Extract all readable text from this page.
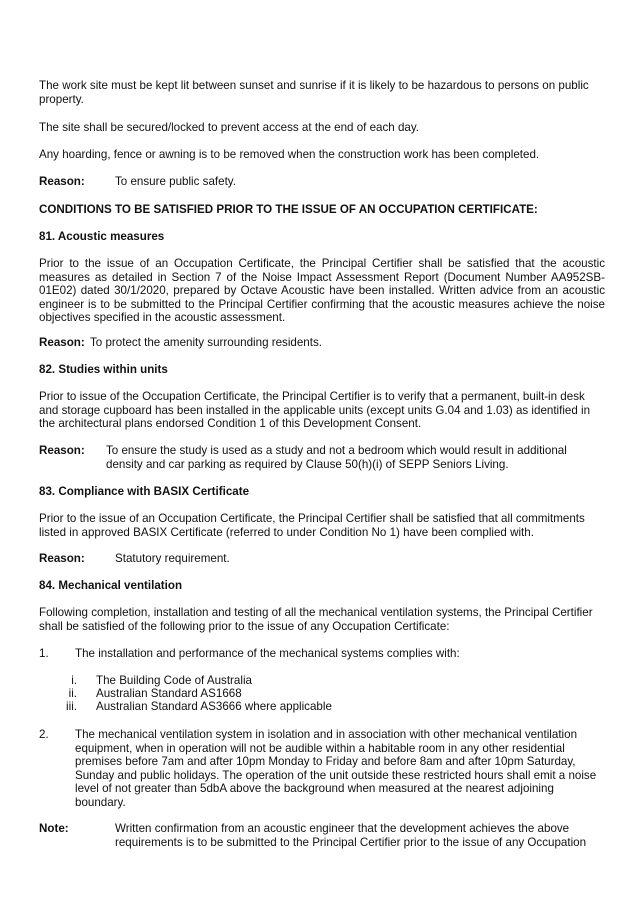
The work site must be kept lit between sunset and sunrise if it is likely to be hazardous to persons on public property.

The site shall be secured/locked to prevent access at the end of each day.

Any hoarding, fence or awning is to be removed when the construction work has been completed.

Reason:	To ensure public safety.

CONDITIONS TO BE SATISFIED PRIOR TO THE ISSUE OF AN OCCUPATION CERTIFICATE:

81. Acoustic measures

Prior to the issue of an Occupation Certificate, the Principal Certifier shall be satisfied that the acoustic measures as detailed in Section 7 of the Noise Impact Assessment Report (Document Number AA952SB-01E02) dated 30/1/2020, prepared by Octave Acoustic have been installed. Written advice from an acoustic engineer is to be submitted to the Principal Certifier confirming that the acoustic measures achieve the noise objectives specified in the acoustic assessment.

Reason: To protect the amenity surrounding residents.

82. Studies within units

Prior to issue of the Occupation Certificate, the Principal Certifier is to verify that a permanent, built-in desk and storage cupboard has been installed in the applicable units (except units G.04 and 1.03) as identified in the architectural plans endorsed Condition 1 of this Development Consent.

Reason: To ensure the study is used as a study and not a bedroom which would result in additional density and car parking as required by Clause 50(h)(i) of SEPP Seniors Living.

83. Compliance with BASIX Certificate

Prior to the issue of an Occupation Certificate, the Principal Certifier shall be satisfied that all commitments listed in approved BASIX Certificate (referred to under Condition No 1) have been complied with.

Reason:	Statutory requirement.

84. Mechanical ventilation

Following completion, installation and testing of all the mechanical ventilation systems, the Principal Certifier shall be satisfied of the following prior to the issue of any Occupation Certificate:

1. The installation and performance of the mechanical systems complies with:
i. The Building Code of Australia
ii. Australian Standard AS1668
iii. Australian Standard AS3666 where applicable
2. The mechanical ventilation system in isolation and in association with other mechanical ventilation equipment, when in operation will not be audible within a habitable room in any other residential premises before 7am and after 10pm Monday to Friday and before 8am and after 10pm Saturday, Sunday and public holidays. The operation of the unit outside these restricted hours shall emit a noise level of not greater than 5dbA above the background when measured at the nearest adjoining boundary.
Note:	Written confirmation from an acoustic engineer that the development achieves the above requirements is to be submitted to the Principal Certifier prior to the issue of any Occupation
